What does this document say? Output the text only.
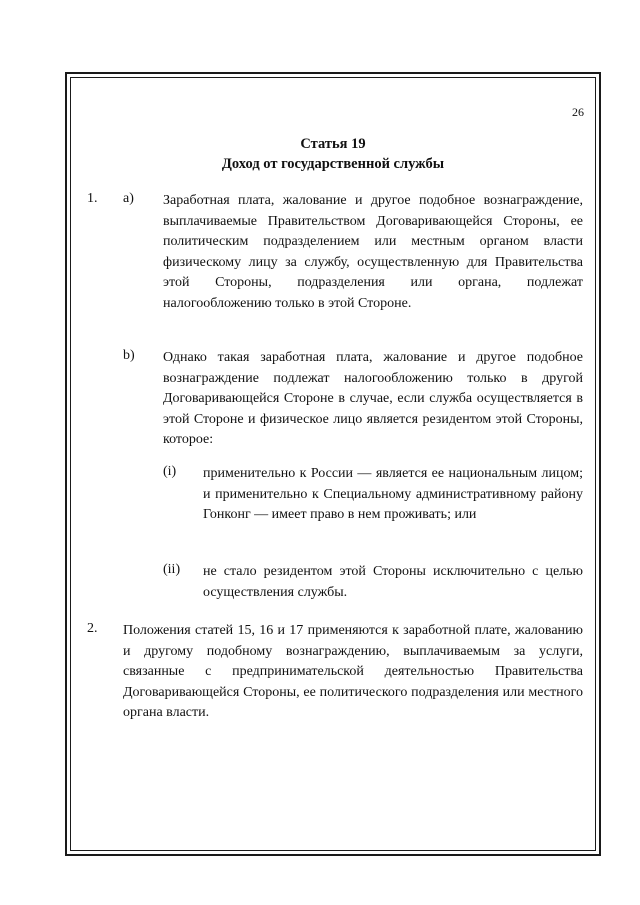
26
Статья 19
Доход от государственной службы
1. a) Заработная плата, жалование и другое подобное вознаграждение, выплачиваемые Правительством Договаривающейся Стороны, ее политическим подразделением или местным органом власти физическому лицу за службу, осуществленную для Правительства этой Стороны, подразделения или органа, подлежат налогообложению только в этой Стороне.
b) Однако такая заработная плата, жалование и другое подобное вознаграждение подлежат налогообложению только в другой Договаривающейся Стороне в случае, если служба осуществляется в этой Стороне и физическое лицо является резидентом этой Стороны, которое:
(i) применительно к России — является ее национальным лицом; и применительно к Специальному административному району Гонконг — имеет право в нем проживать; или
(ii) не стало резидентом этой Стороны исключительно с целью осуществления службы.
2. Положения статей 15, 16 и 17 применяются к заработной плате, жалованию и другому подобному вознаграждению, выплачиваемым за услуги, связанные с предпринимательской деятельностью Правительства Договаривающейся Стороны, ее политического подразделения или местного органа власти.
